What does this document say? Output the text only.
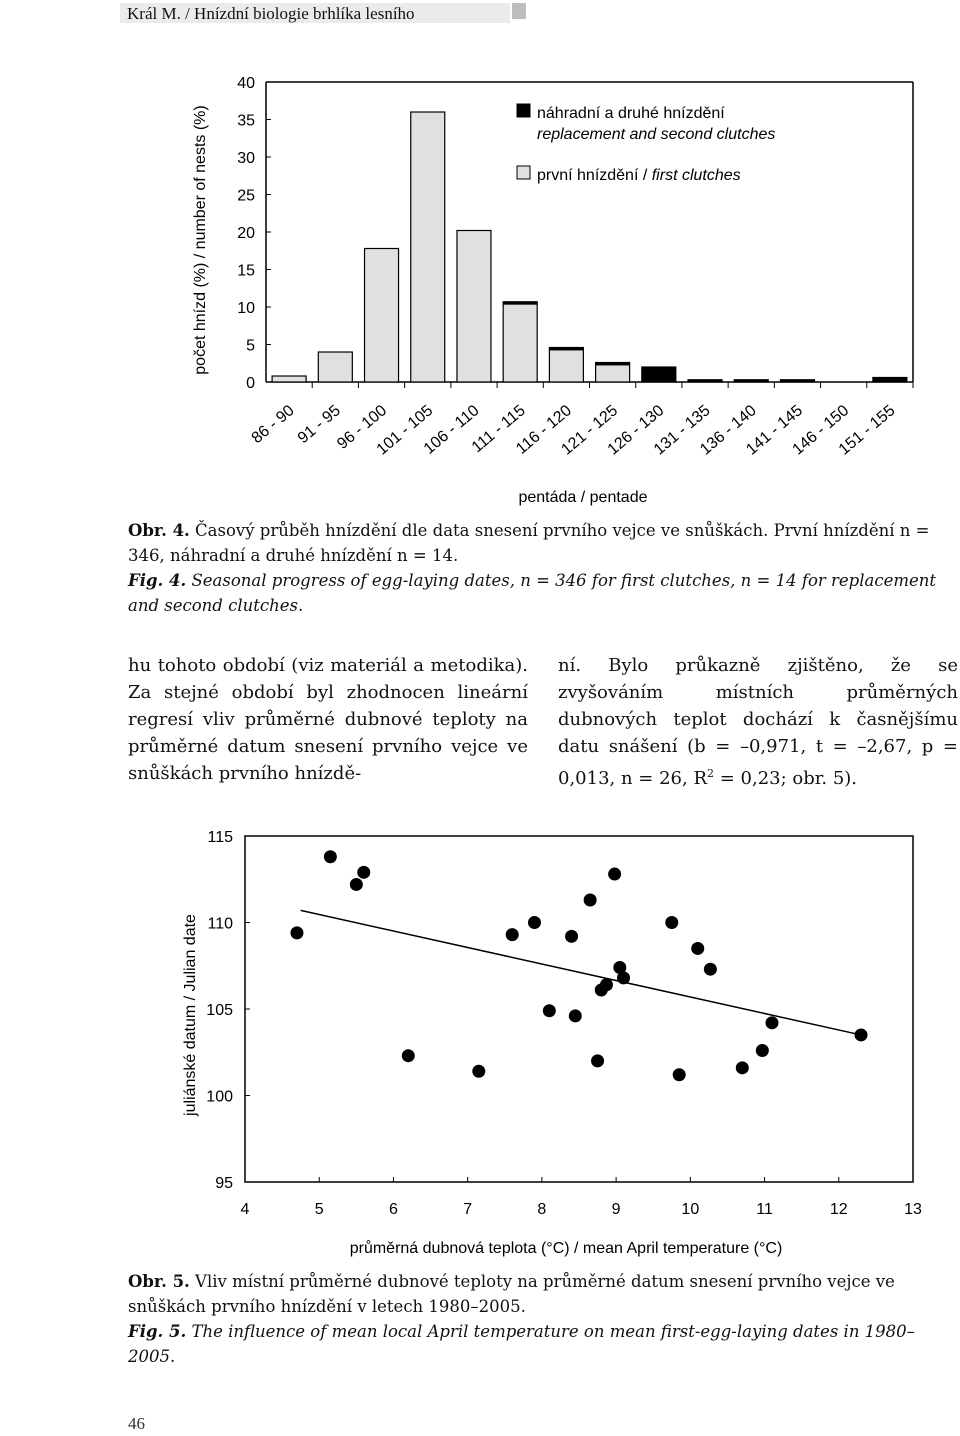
Král M. / Hnízdní biologie brhlíka lesního
počet hnízd (%) / number of nests (%)
0
5
10
15
20
25
30
35
40
86 - 90
91 - 95
96 - 100
101 - 105
106 - 110
111 - 115
116 - 120
121 - 125
126 - 130
131 - 135
136 - 140
141 - 145
146 - 150
151 - 155
náhradní a druhé hnízdění
replacement and second clutches
první hnízdění / first clutches
pentáda / pentade
Obr. 4. Časový průběh hnízdění dle data snesení prvního vejce ve snůškách. První hnízdění n = 346, náhradní a druhé hnízdění n = 14.
Fig. 4. Seasonal progress of egg-laying dates, n = 346 for first clutches, n = 14 for replacement and second clutches.
hu tohoto období (viz materiál a metodika). Za stejné období byl zhodnocen lineární regresí vliv průměrné dubnové teploty na průměrné datum snesení prvního vejce ve snůškách prvního hnízdě-
ní. Bylo průkazně zjištěno, že se zvyšováním místních průměrných dubnových teplot dochází k časnějšímu datu snášení (b = –0,971, t = –2,67, p = 0,013, n = 26, $R^2 = 0,23$; obr. 5).
juliánské datum / Julian date
95
100
105
110
115
4	5	6	7	8	9	10	11	12	13
průměrná dubnová teplota (°C) / mean April temperature (°C)
Obr. 5. Vliv místní průměrné dubnové teploty na průměrné datum snesení prvního vejce ve snůškách prvního hnízdění v letech 1980–2005.
Fig. 5. The influence of mean local April temperature on mean first-egg-laying dates in 1980–2005.
46
